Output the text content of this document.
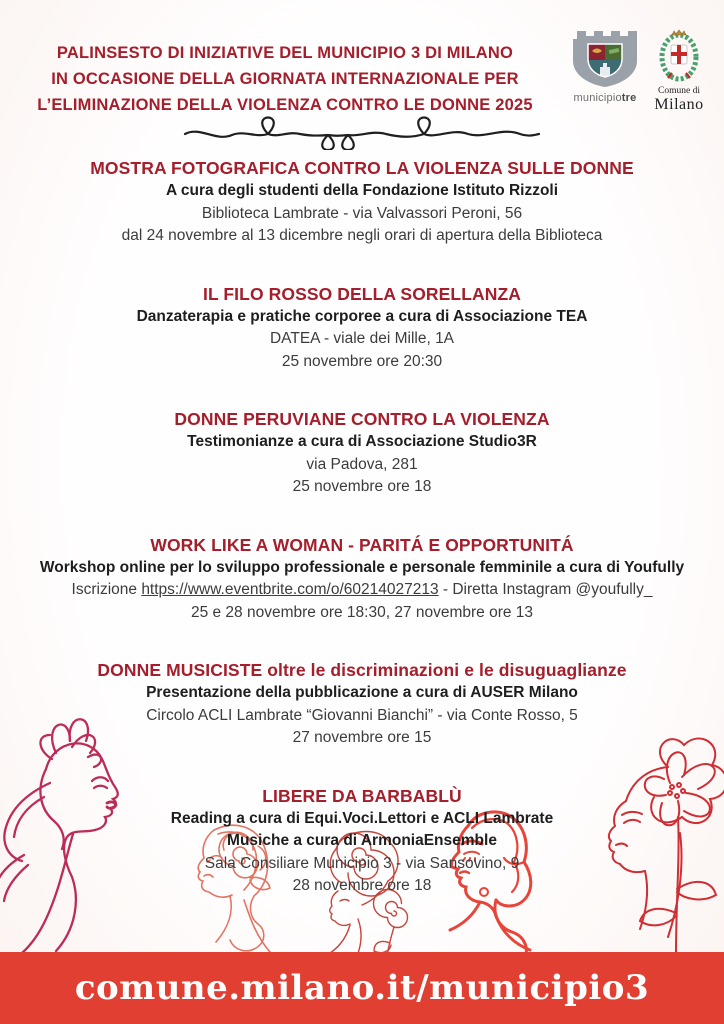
PALINSESTO DI INIZIATIVE DEL MUNICIPIO 3 DI MILANO
IN OCCASIONE DELLA GIORNATA INTERNAZIONALE PER
L’ELIMINAZIONE DELLA VIOLENZA CONTRO LE DONNE 2025	municipiotre
Comune di
Milano
MOSTRA FOTOGRAFICA CONTRO LA VIOLENZA SULLE DONNE

A cura degli studenti della Fondazione Istituto Rizzoli

Biblioteca Lambrate - via Valvassori Peroni, 56

dal 24 novembre al 13 dicembre negli orari di apertura della Biblioteca

IL FILO ROSSO DELLA SORELLANZA

Danzaterapia e pratiche corporee a cura di Associazione TEA

DATEA - viale dei Mille, 1A

25 novembre ore 20:30

DONNE PERUVIANE CONTRO LA VIOLENZA

Testimonianze a cura di Associazione Studio3R

via Padova, 281

25 novembre ore 18

WORK LIKE A WOMAN - PARITÁ E OPPORTUNITÁ

Workshop online per lo sviluppo professionale e personale femminile a cura di Youfully

Iscrizione https://www.eventbrite.com/o/60214027213 - Diretta Instagram @youfully_

25 e 28 novembre ore 18:30, 27 novembre ore 13

DONNE MUSICISTE oltre le discriminazioni e le disuguaglianze

Presentazione della pubblicazione a cura di AUSER Milano

Circolo ACLI Lambrate “Giovanni Bianchi” - via Conte Rosso, 5

27 novembre ore 15

LIBERE DA BARBABLÙ

Reading a cura di Equi.Voci.Lettori e ACLI Lambrate

Musiche a cura di ArmoniaEnsemble

Sala Consiliare Municipio 3 - via Sansovino, 9

28 novembre ore 18

comune.milano.it/municipio3
